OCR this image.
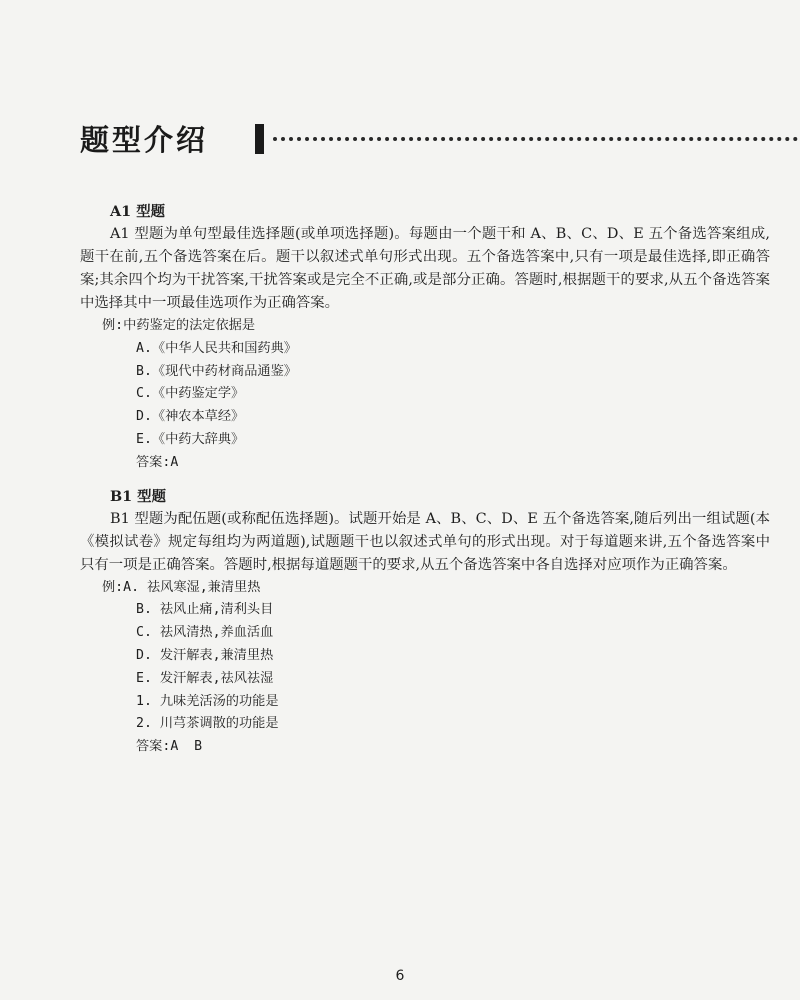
题型介绍
A1 型题
A1 型题为单句型最佳选择题(或单项选择题)。每题由一个题干和 A、B、C、D、E 五个备选答案组成,题干在前,五个备选答案在后。题干以叙述式单句形式出现。五个备选答案中,只有一项是最佳选择,即正确答案;其余四个均为干扰答案,干扰答案或是完全不正确,或是部分正确。答题时,根据题干的要求,从五个备选答案中选择其中一项最佳选项作为正确答案。
例:中药鉴定的法定依据是
A.《中华人民共和国药典》
B.《现代中药材商品通鉴》
C.《中药鉴定学》
D.《神农本草经》
E.《中药大辞典》
答案:A
B1 型题
B1 型题为配伍题(或称配伍选择题)。试题开始是 A、B、C、D、E 五个备选答案,随后列出一组试题(本《模拟试卷》规定每组均为两道题),试题题干也以叙述式单句的形式出现。对于每道题来讲,五个备选答案中只有一项是正确答案。答题时,根据每道题题干的要求,从五个备选答案中各自选择对应项作为正确答案。
例:A. 祛风寒湿,兼清里热
B. 祛风止痛,清利头目
C. 祛风清热,养血活血
D. 发汗解表,兼清里热
E. 发汗解表,祛风祛湿
1. 九味羌活汤的功能是
2. 川芎茶调散的功能是
答案:A  B
6
